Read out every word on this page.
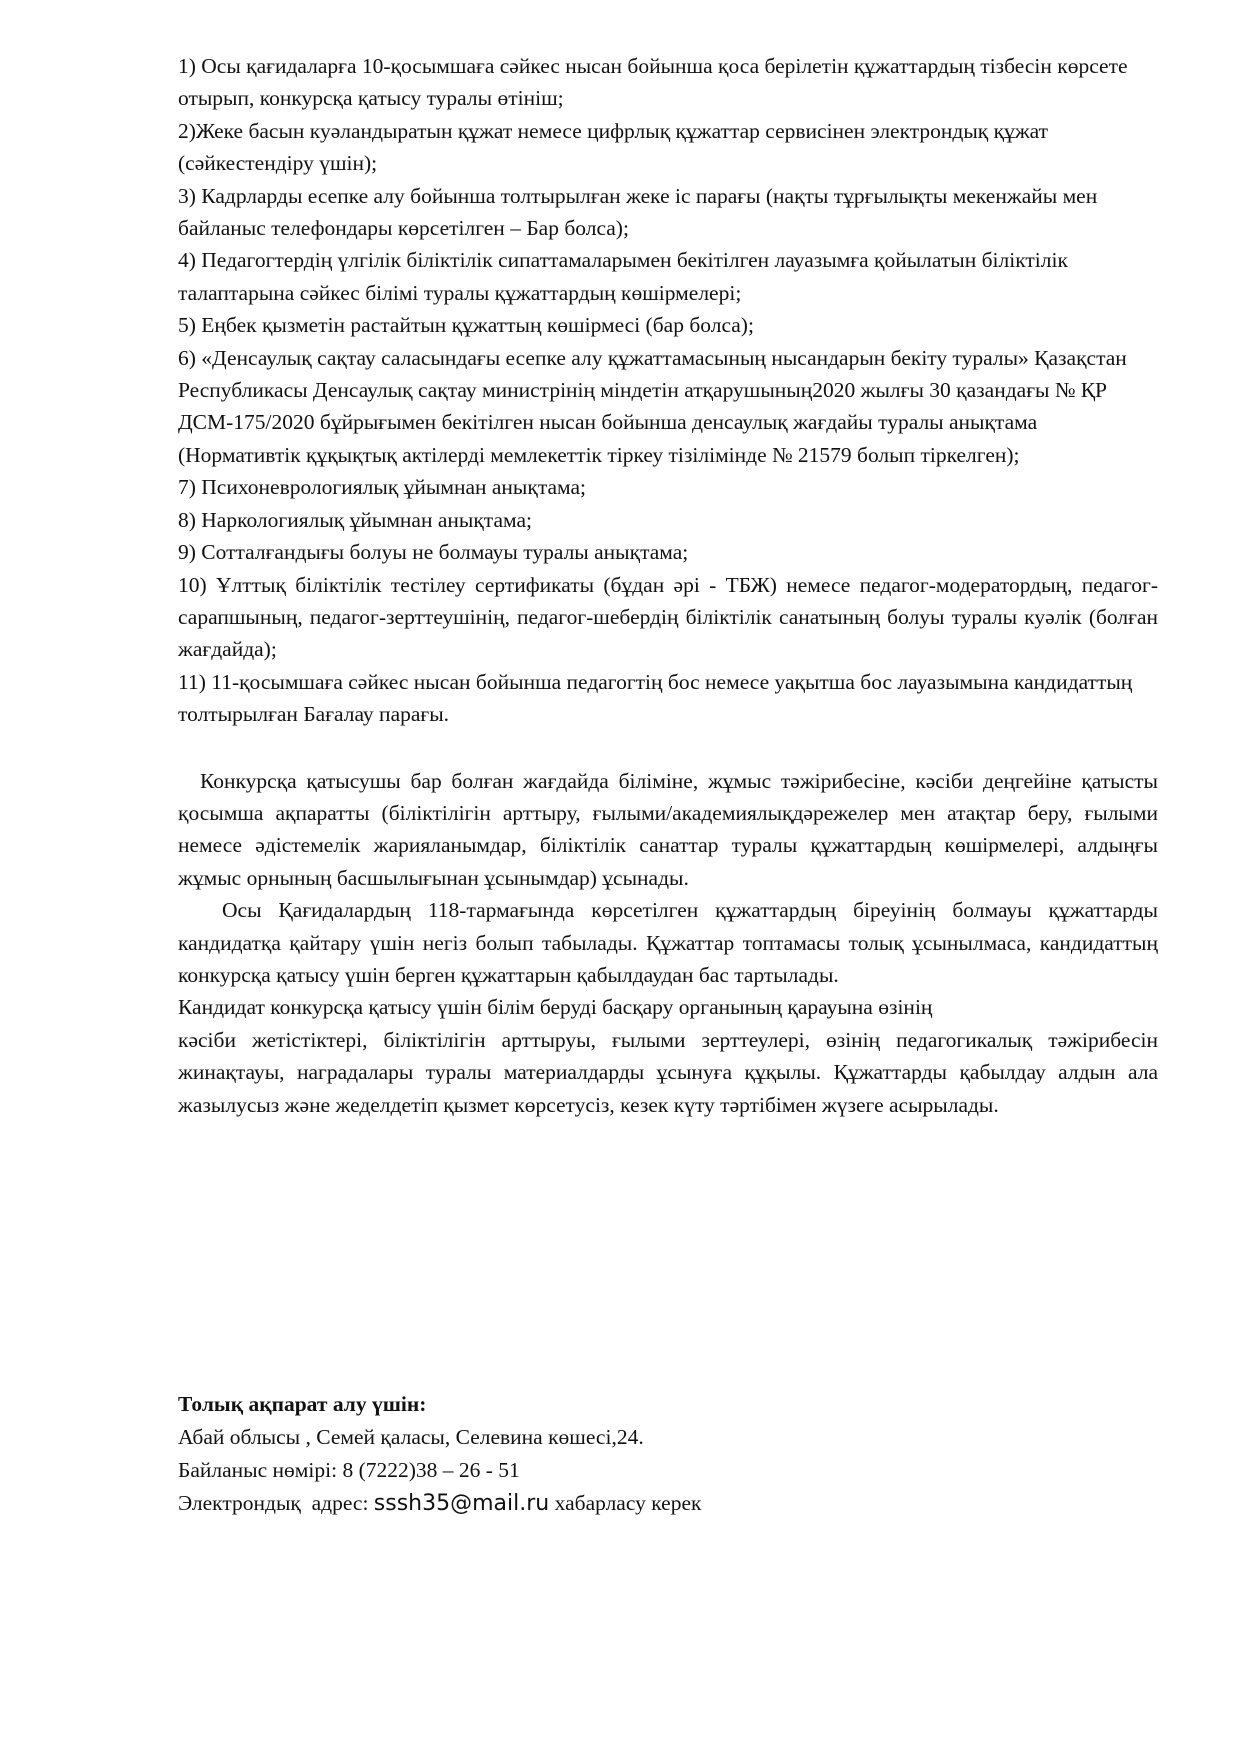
1) Осы қағидаларға 10-қосымшаға сәйкес нысан бойынша қоса берілетін құжаттардың тізбесін көрсете отырып, конкурсқа қатысу туралы өтініш;

2)Жеке басын куәландыратын құжат немесе цифрлық құжаттар сервисінен электрондық құжат (сәйкестендіру үшін);

3) Кадрларды есепке алу бойынша толтырылған жеке іс парағы (нақты тұрғылықты мекенжайы мен байланыс телефондары көрсетілген – Бар болса);

4) Педагогтердің үлгілік біліктілік сипаттамаларымен бекітілген лауазымға қойылатын біліктілік талаптарына сәйкес білімі туралы құжаттардың көшірмелері;

5) Еңбек қызметін растайтын құжаттың көшірмесі (бар болса);

6) «Денсаулық сақтау саласындағы есепке алу құжаттамасының нысандарын бекіту туралы» Қазақстан Республикасы Денсаулық сақтау министрінің міндетін атқарушының2020 жылғы 30 қазандағы № ҚР ДСМ-175/2020 бұйрығымен бекітілген нысан бойынша денсаулық жағдайы туралы анықтама (Нормативтік құқықтық актілерді мемлекеттік тіркеу тізілімінде № 21579 болып тіркелген);

7) Психоневрологиялық ұйымнан анықтама;

8) Наркологиялық ұйымнан анықтама;

9) Сотталғандығы болуы не болмауы туралы анықтама;

10) Ұлттық біліктілік тестілеу сертификаты (бұдан әрі - ТБЖ) немесе педагог-модератордың, педагог-сарапшының, педагог-зерттеушінің, педагог-шебердің біліктілік санатының болуы туралы куәлік (болған жағдайда);

11) 11-қосымшаға сәйкес нысан бойынша педагогтің бос немесе уақытша бос лауазымына кандидаттың толтырылған Бағалау парағы.

Конкурсқа қатысушы бар болған жағдайда біліміне, жұмыс тәжірибесіне, кәсіби деңгейіне қатысты қосымша ақпаратты (біліктілігін арттыру, ғылыми/академиялықдәрежелер мен атақтар беру, ғылыми немесе әдістемелік жарияланымдар, біліктілік санаттар туралы құжаттардың көшірмелері, алдыңғы жұмыс орнының басшылығынан ұсынымдар) ұсынады.

Осы Қағидалардың 118-тармағында көрсетілген құжаттардың біреуінің болмауы құжаттарды кандидатқа қайтару үшін негіз болып табылады. Құжаттар топтамасы толық ұсынылмаса, кандидаттың конкурсқа қатысу үшін берген құжаттарын қабылдаудан бас тартылады.

Кандидат конкурсқа қатысу үшін білім беруді басқару органының қарауына өзінің

кәсіби жетістіктері, біліктілігін арттыруы, ғылыми зерттеулері, өзінің педагогикалық тәжірибесін жинақтауы, наградалары туралы материалдарды ұсынуға құқылы. Құжаттарды қабылдау алдын ала жазылусыз және жеделдетіп қызмет көрсетусіз, кезек күту тәртібімен жүзеге асырылады.

Толық ақпарат алу үшін:

Абай облысы , Семей қаласы, Селевина көшесі,24.

Байланыс нөмірі: 8 (7222)38 – 26 - 51

Электрондық  адрес: sssh35@mail.ru хабарласу керек
